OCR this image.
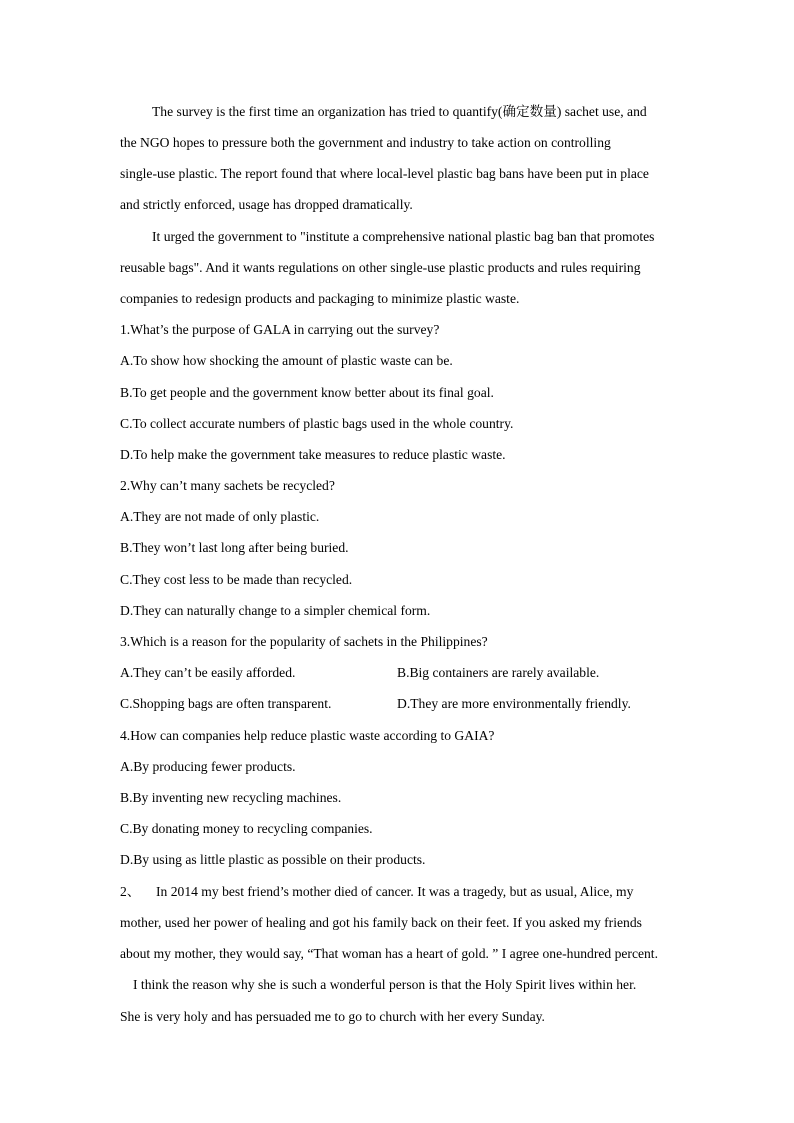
The survey is the first time an organization has tried to quantify(确定数量) sachet use, and
the NGO hopes to pressure both the government and industry to take action on controlling
single-use plastic. The report found that where local-level plastic bag bans have been put in place
and strictly enforced, usage has dropped dramatically.
It urged the government to "institute a comprehensive national plastic bag ban that promotes
reusable bags". And it wants regulations on other single-use plastic products and rules requiring
companies to redesign products and packaging to minimize plastic waste.
1.What’s the purpose of GALA in carrying out the survey?
A.To show how shocking the amount of plastic waste can be.
B.To get people and the government know better about its final goal.
C.To collect accurate numbers of plastic bags used in the whole country.
D.To help make the government take measures to reduce plastic waste.
2.Why can’t many sachets be recycled?
A.They are not made of only plastic.
B.They won’t last long after being buried.
C.They cost less to be made than recycled.
D.They can naturally change to a simpler chemical form.
3.Which is a reason for the popularity of sachets in the Philippines?
A.They can’t be easily afforded.	B.Big containers are rarely available.
C.Shopping bags are often transparent.	D.They are more environmentally friendly.
4.How can companies help reduce plastic waste according to GAIA?
A.By producing fewer products.
B.By inventing new recycling machines.
C.By donating money to recycling companies.
D.By using as little plastic as possible on their products.
2、 In 2014 my best friend’s mother died of cancer. It was a tragedy, but as usual, Alice, my
mother, used her power of healing and got his family back on their feet. If you asked my friends
about my mother, they would say, “That woman has a heart of gold. ” I agree one-hundred percent.
I think the reason why she is such a wonderful person is that the Holy Spirit lives within her.
She is very holy and has persuaded me to go to church with her every Sunday.
